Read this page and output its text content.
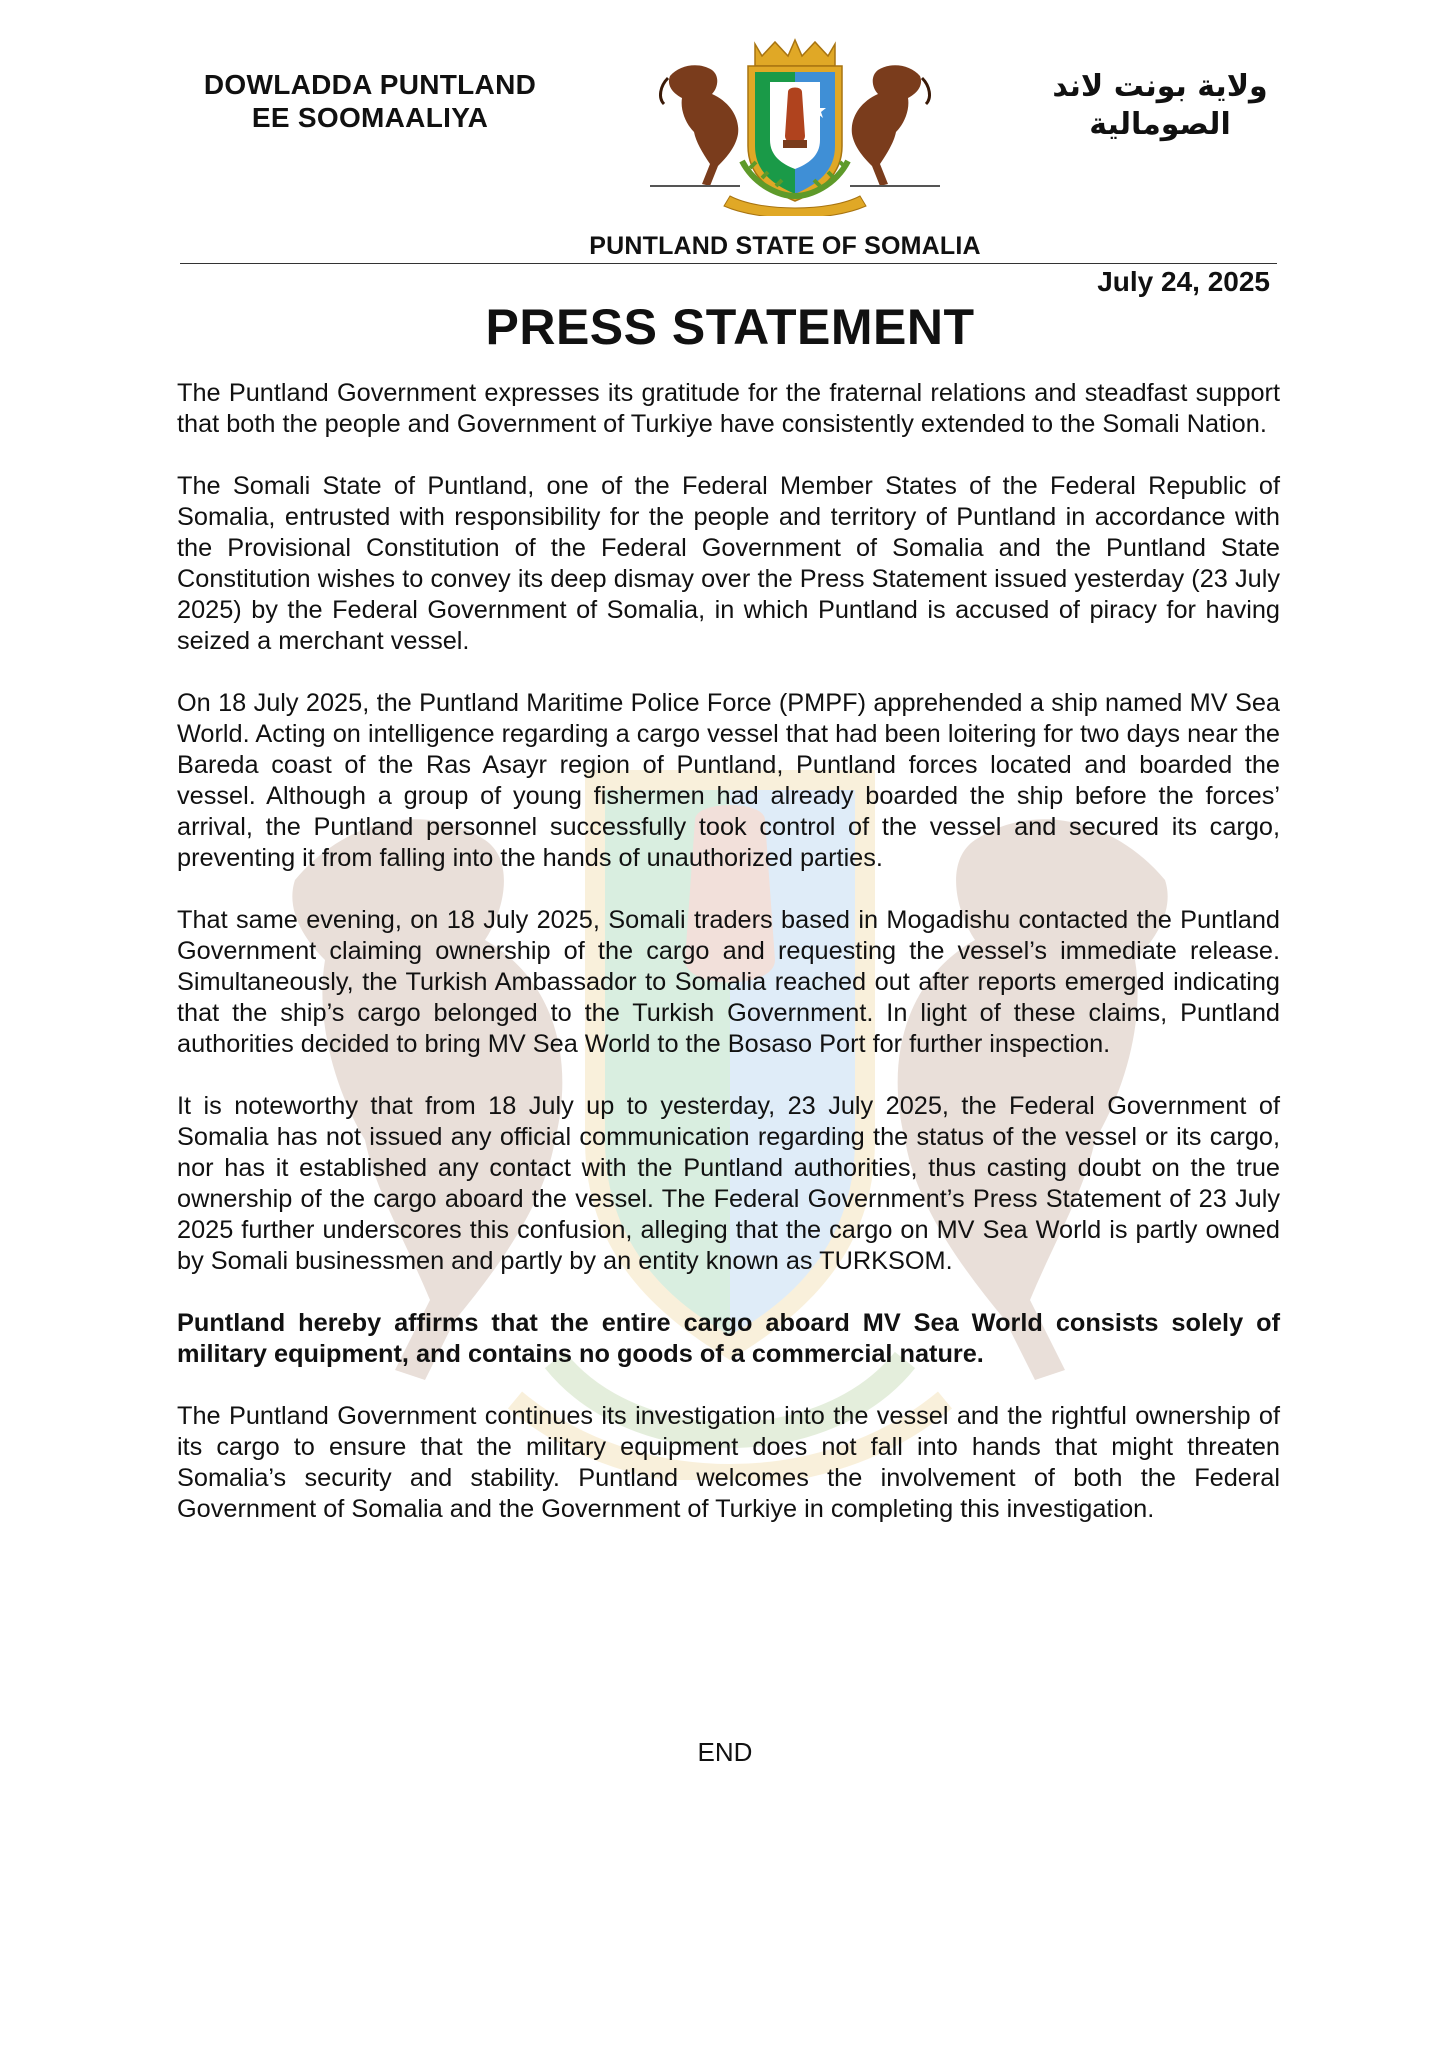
DOWLADDA PUNTLAND
EE SOOMAALIYA
ولاية بونت لاند
الصومالية
PUNTLAND STATE OF SOMALIA
July 24, 2025
PRESS STATEMENT

The Puntland Government expresses its gratitude for the fraternal relations and steadfast support that both the people and Government of Turkiye have consistently extended to the Somali Nation.

The Somali State of Puntland, one of the Federal Member States of the Federal Republic of Somalia, entrusted with responsibility for the people and territory of Puntland in accordance with the Provisional Constitution of the Federal Government of Somalia and the Puntland State Constitution wishes to convey its deep dismay over the Press Statement issued yesterday (23 July 2025) by the Federal Government of Somalia, in which Puntland is accused of piracy for having seized a merchant vessel.

On 18 July 2025, the Puntland Maritime Police Force (PMPF) apprehended a ship named MV Sea World. Acting on intelligence regarding a cargo vessel that had been loitering for two days near the Bareda coast of the Ras Asayr region of Puntland, Puntland forces located and boarded the vessel. Although a group of young fishermen had already boarded the ship before the forces’ arrival, the Puntland personnel successfully took control of the vessel and secured its cargo, preventing it from falling into the hands of unauthorized parties.

That same evening, on 18 July 2025, Somali traders based in Mogadishu contacted the Puntland Government claiming ownership of the cargo and requesting the vessel’s immediate release. Simultaneously, the Turkish Ambassador to Somalia reached out after reports emerged indicating that the ship’s cargo belonged to the Turkish Government. In light of these claims, Puntland authorities decided to bring MV Sea World to the Bosaso Port for further inspection.

It is noteworthy that from 18 July up to yesterday, 23 July 2025, the Federal Government of Somalia has not issued any official communication regarding the status of the vessel or its cargo, nor has it established any contact with the Puntland authorities, thus casting doubt on the true ownership of the cargo aboard the vessel. The Federal Government’s Press Statement of 23 July 2025 further underscores this confusion, alleging that the cargo on MV Sea World is partly owned by Somali businessmen and partly by an entity known as TURKSOM.

Puntland hereby affirms that the entire cargo aboard MV Sea World consists solely of military equipment, and contains no goods of a commercial nature.

The Puntland Government continues its investigation into the vessel and the rightful ownership of its cargo to ensure that the military equipment does not fall into hands that might threaten Somalia’s security and stability. Puntland welcomes the involvement of both the Federal Government of Somalia and the Government of Turkiye in completing this investigation.

END
